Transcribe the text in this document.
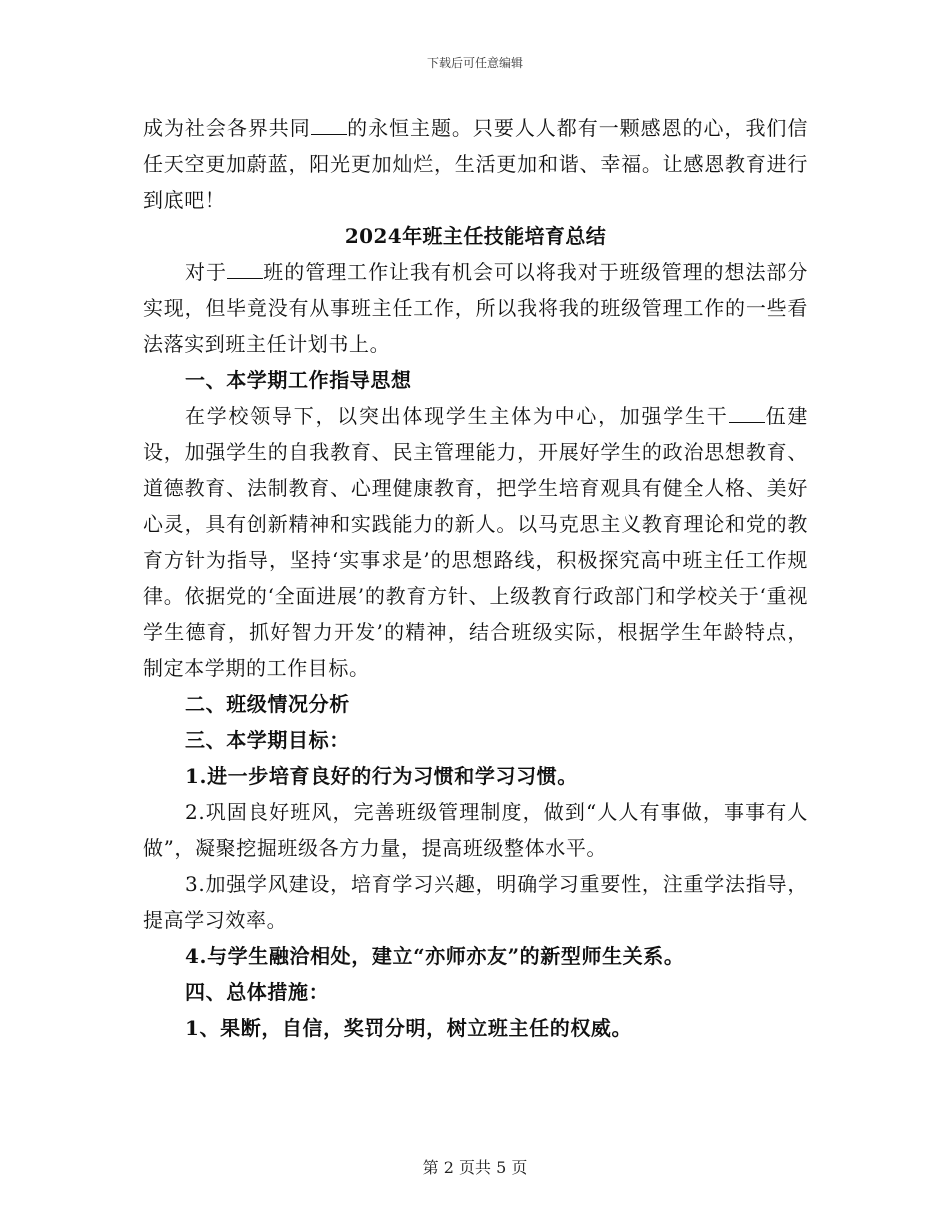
下载后可任意编辑

成为社会各界共同 的永恒主题。只要人人都有一颗感恩的心，我们信任天空更加蔚蓝，阳光更加灿烂，生活更加和谐、幸福。让感恩教育进行到底吧！

2024年班主任技能培育总结

对于 班的管理工作让我有机会可以将我对于班级管理的想法部分实现，但毕竟没有从事班主任工作，所以我将我的班级管理工作的一些看法落实到班主任计划书上。

一、本学期工作指导思想

在学校领导下，以突出体现学生主体为中心，加强学生干 伍建设，加强学生的自我教育、民主管理能力，开展好学生的政治思想教育、道德教育、法制教育、心理健康教育，把学生培育观具有健全人格、美好心灵，具有创新精神和实践能力的新人。以马克思主义教育理论和党的教育方针为指导，坚持‘实事求是’的思想路线，积极探究高中班主任工作规律。依据党的‘全面进展’的教育方针、上级教育行政部门和学校关于‘重视学生德育，抓好智力开发’的精神，结合班级实际，根据学生年龄特点，制定本学期的工作目标。

二、班级情况分析

三、本学期目标：

1.进一步培育良好的行为习惯和学习习惯。

2.巩固良好班风，完善班级管理制度，做到“人人有事做，事事有人做”，凝聚挖掘班级各方力量，提高班级整体水平。

3.加强学风建设，培育学习兴趣，明确学习重要性，注重学法指导，提高学习效率。

4.与学生融洽相处，建立“亦师亦友”的新型师生关系。

四、总体措施：

1、果断，自信，奖罚分明，树立班主任的权威。

第 2 页共 5 页
